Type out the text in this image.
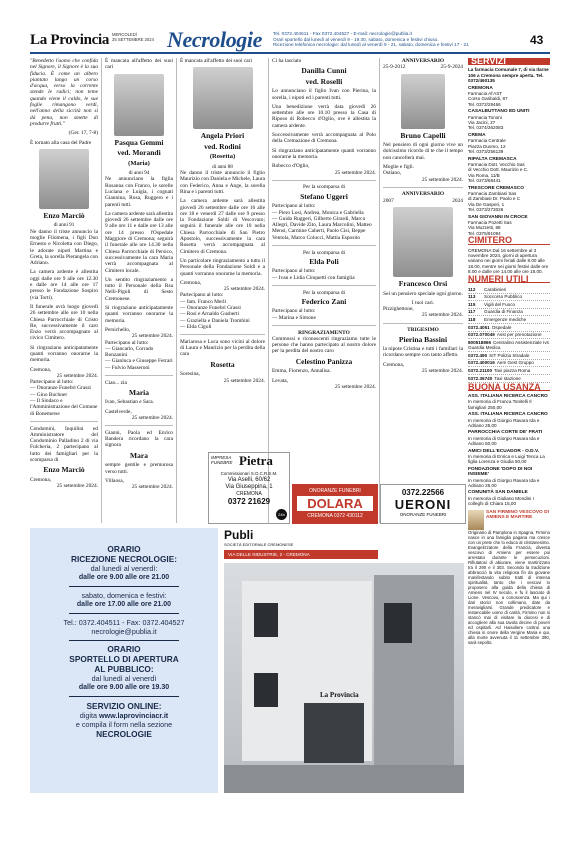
La Provincia MERCOLEDÌ
25 SETTEMBRE 2024 Necrologie Tel. 0372.404511 - Fax 0372.404527 - E-mail: necrologie@publia.it
Orari sportello dal lunedì al venerdì 9 - 19.30, sabato, domenica e festivi chiuso.
Ricezione telefonica necrologie: dal lunedì al venerdì 9 - 21, sabato, domenica e festivi 17 - 21	43

"Benedetto l'uomo che confida nel Signore, il Signore è la sua fiducia. È come un albero piantato lungo un corso d'acqua, verso la corrente stende le radici; non teme quando viene il caldo, le sue foglie rimangono verdi, nell'anno della siccità non si dà pena, non smette di produrre frutti."

(Ger. 17, 7-8)

È tornato alla casa del Padre

Enzo Marciò
di anni 91

Ne danno il triste annuncio la moglie Filomena, i figli Don Ernesto e Nicoletta con Diego, le adorate nipoti Martina e Greta, la sorella Pierangela con Adriano.

La camera ardente è allestita oggi dalle ore 9 alle ore 12.30 e dalle ore 14 alle ore 17 presso le Fondazione Sospiro (via Torti).

Il funerale avrà luogo giovedì 26 settembre alle ore 10 nella Chiesa Parrocchiale di Cristo Re, successivamente il caro Enzo verrà accompagnato al civico Cimitero.

Si ringraziano anticipatamente quanti vorranno onorarne la memoria.

Cremona,
25 settembre 2024.
Partecipano al lutto:

— Onoranze Funebri Grassi
— Gino Buchner
— Il Sindaco e l'Amministrazione del Comune di Bonemerse

Condomini, Inquilini ed Amministratore del Condominio Palladino 2 di via Fulcheria, 2 partecipano al lutto dei famigliari per la scomparsa di

Enzo Marciò
Cremona,
25 settembre 2024.

È mancata all'affetto dei suoi cari

Pasqua Gemmi
ved. Morandi
(Maria)
di anni 94

Ne annunciano la figlia Rosanna con Franco, le sorelle Luciana e Luigia, i cognati Giannina, Rosa, Ruggero e i parenti tutti.

La camera ardente sarà allestita giovedì 26 settembre dalle ore 9 alle ore 11 e dalle ore 13 alle ore 14 presso l'Ospedale Maggiore di Cremona; seguirà il funerale alle ore 14.30 nella Chiesa Parrocchiale di Persico, successivamente la cara Maria verrà accompagnata al Cimitero locale.

Un sentito ringraziamento a tutto il Personale della Rsa Nelli-Pigoli di Sesto Cremonese.

Si ringraziano anticipatamente quanti vorranno onorarne la memoria.

Persichello,
25 settembre 2024.
Partecipano al lutto:

— Giancarlo, Corrado Bonzanini
— Gianluca e Giuseppe Ferrari
— Fulvio Masseroni

Ciao... zia

Maria

Ivan, Sebastian e Sara.

Castelverde,
25 settembre 2024.

Gianni, Paola ed Enrico Bandera ricordano la cara signora

Mara

sempre gentile e premurosa verso tutti.

Villaosa,
25 settembre 2024.

È mancata all'affetto dei suoi cari

Angela Priori
ved. Rodini
(Rosetta)
di anni 88

Ne danno il triste annuncio il figlio Maurizio con Daniela e Michele, Laura con Federico, Anna e Ange, la sorella Rina e i parenti tutti.

La camera ardente sarà allestita giovedì 26 settembre dalle ore 16 alle ore 18 e venerdì 27 dalle ore 9 presso la Fondazione Soldi di Vescovato; seguirà il funerale alle ore 10 nella Chiesa Parrocchiale di San Pietro Apostolo, successivamente la cara Rosetta verrà accompagnata al Cimitero di Cremona.

Un particolare ringraziamento a tutto il Personale della Fondazione Soldi e a quanti vorranno onorarne la memoria.

Cremona,
25 settembre 2024.
Partecipano al lutto:

— fam. Franco Merli
— Onoranze Funebri Grassi
— Rosi e Arnaldo Gusberti
— Graziella e Daniela Trombini
— Elda Cigoli

Mariarosa e Luca sono vicini al dolore di Laura e Maurizio per la perdita della cara

Rosetta
Soresina,
25 settembre 2024.

Ci ha lasciato

Danilla Cunni
ved. Roselli

Lo annunciano il figlio Ivan con Pierina, la sorella, i nipoti ed i parenti tutti.

Una benedizione verrà data giovedì 26 settembre alle ore 10.10 presso la Casa di Riposo di Robecco d'Oglio, ove è allestita la camera ardente.

Successivamente verrà accompagnata al Polo della Cremazione di Cremona.

Si ringraziano anticipatamente quanti vorranno onorarne la memoria.

Robecco d'Oglio,
25 settembre 2024.
Per la scomparsa di
Stefano Uggeri
Partecipano al lutto:

— Piero Losi, Andrea, Monica e Gabriella
— Guido Ruggeri, Gilberto Girardi, Marco Allegri, Davide Zito, Laura Marcolini, Matteo Mensi, Carmine Caberti, Paolo Cisi, Beppe Ventola, Marco Colucci, Mattia Esposito

Per la scomparsa di
Elda Poli
Partecipano al lutto:

— Ivan e Lidia Cinquetti con famiglia

Per la scomparsa di
Federico Zani
Partecipano al lutto:

— Marina e Simone

RINGRAZIAMENTO

Commossi e riconoscenti ringraziamo tutte le persone che hanno partecipato al nostro dolore per la perdita del nostro caro

Celestino Panizza

Emma, Fiorenzo, Annalisa.

Levata,
25 settembre 2024.
ANNIVERSARIO
25-9-2012	25-9-2024
Bruno Capelli

Nel pensiero di ogni giorno vive un dolcissimo ricordo di te che il tempo non cancellerà mai.

Moglie e figli.
Ostiano,
25 settembre 2024.
ANNIVERSARIO
2007	2024
Francesco Orsi

Sei un pensiero speciale ogni giorno.

I tuoi cari.
Pizzighettone,
25 settembre 2024.
TRIGESIMO
Pierina Bassini

la nipote Cristina e tutti i familiari la ricordano sempre con tanto affetto.

Cremona,
25 settembre 2024.
IMPRESA
FUNEBRE Pietra
Commissionari S.O.C.R.E.M.
Via Aselli, 60/62
Via Giuseppina, 1
CREMONA
0372 21629
24h
ONORANZE FUNEBRI
DOLARA
CREMONA 0372 430112
0372.22566
UERONI
ONORANZE FUNEBRI
ORARIO
RICEZIONE NECROLOGIE:
dal lunedì al venerdì:
dalle ore 9.00 alle ore 21.00
sabato, domenica e festivi:
dalle ore 17.00 alle ore 21.00
Tel.: 0372.404511 - Fax: 0372.404527
necrologie@publia.it
ORARIO
SPORTELLO DI APERTURA
AL PUBBLICO:
dal lunedì al venerdì
dalle ore 9.00 alle ore 19.30
SERVIZIO ONLINE:
digita www.laprovinciacr.it
e compila il form nella sezione
NECROLOGIE
Publi
SOCIETÀ EDITORIALE CREMONESE
VIA DELLE INDUSTRIE, 2 - CREMONA
La Provincia
SERVIZI
La farmacia Comunale 7, di via Ilarne 106 a Cremona sempre aperta. Tel. 0372/460135
CREMONA
Farmacia Al'AST
Corso Garibaldi, 87
Tel. 0372/29466
CASALBUTTANO ED UNITI
Farmacia Tononi
Via Jacini, 27
Tel. 0374/362083
CREMA
Farmacia Centrale
Piazza Duomo, 12
Tel. 0373/256139
RIPALTA CREMASCA
Farmacia Dott. Vecchio Sas
di Vecchio Dott. Maurizio e C.
Via Roma, 11/B
Tel. 0373/68441
TRESCORE CREMASCO
Farmacia Zambiasi Sas
di Zambiasi Dr. Paolo e C
Via De Gasperi, 1
Tel. 0373/273026
SAN GIOVANNI IN CROCE
Farmacia Pozetti Sas
Via Muzzetti, 88
Tel. 0375/91094
CIMITERO
CREMONA Dal 16 settembre al 3 novembre 2024, giorni di apertura variano nei giorni feriali dalle 8.00 alle 18.00, mentre nei giorni festivi dalle ore 8.00 e dalle ore 14.00 alle ore 18.00.
NUMERI UTILI
112 Carabinieri
113 Soccorso Pubblico
115 Vigili del Fuoco
117 Guardia di Finanza
118 Emergenze mediche
0372.4051 Ospedale
0372.070049 Asst per prenotazione
800518866 Centralino Assistenziale Ivs Guardia Medica
0372.490 SIT Polizia Stradale
0372.400016 Aem Gest Gruppo
0372.21100 Taxi piazza Roma
0372.36740 Taxi stazione
BUONA USANZA
ASS. ITALIANA RICERCA CANCRO
In memoria di Franca Tonitelli Il famigliari 250,00
ASS. ITALIANA RICERCA CANCRO
In memoria di Giorgio Ravara Ida e Adriano 25,00
PARROCCHIA CORTE DE' FRATI
In memoria di Giorgio Ravara Ida e Adriano 50,00
AMICI DELL'ECUADOR - O.D.V.
In memoria di Enrica e Luigi Tenca La figlia Lorenza e Giudia 50,00
FONDAZIONE 'DOPO DI NOI INSIEME'
In memoria di Giorgio Ravara Ida e Adriano 25,00
COMUNITÀ SAN DANIELE
In memoria di Giuliano Mondini I colleghi di Chiara 15,00
SAN FIRMINO VESCOVO DI AMIENS E MARTIRE
Originario di Pamplona in Spagna, Firmino nasce in una famiglia pagana ma cresce con un prete che lo educa al cristianesimo. Evangelizzatore della Francia, diventa vescovo di Amiens per essere poi arrestato durante le persecuzioni. Rifiutatosi di abiurare, viene martirizzato tra il 290 e il 303. Secondo la tradizione abbracciò la vita religiosa fin da giovane manifestando subito tratti di intensa spiritualità, tanto che i vescovi lo proposero alla guida della chiesa di Amiens nel IV secolo, e fu il lasciato di Lione. Vescovo, a conoscenza. Ma qui i dati storici non collimano, date da meravigliarsi. Grande predicatore e instancabile uomo di carità, Firmino non si stancò mai di visitare la diocesi e di accogliere alla sua tavola decine di poveri ed ospitarli. Ad Haisoliere costruì una chiesa in onore della Vergine Maria e qui, alla morte avvenuta il 11 settembre 390, sarà sepolto.
